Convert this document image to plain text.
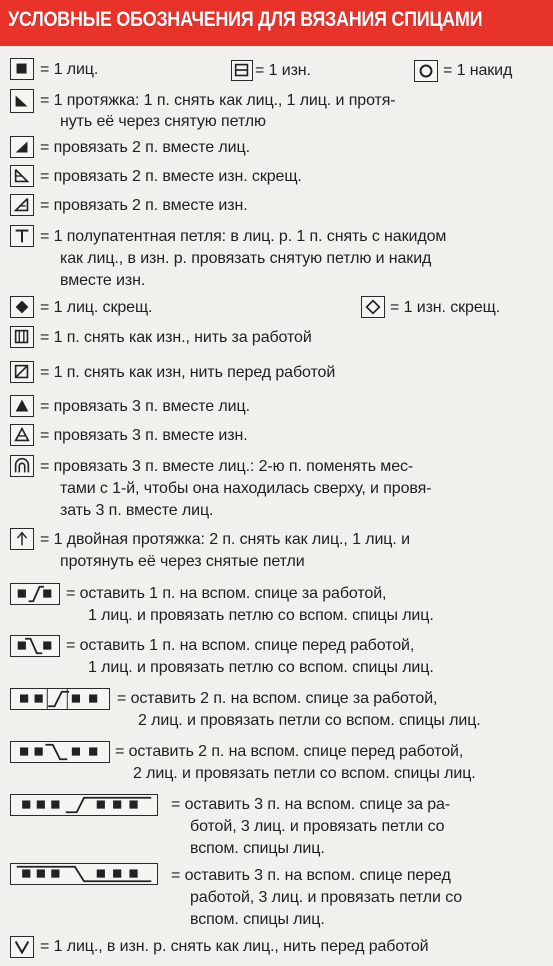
УСЛОВНЫЕ ОБОЗНАЧЕНИЯ ДЛЯ ВЯЗАНИЯ СПИЦАМИ
= 1 лиц.	= 1 изн.	= 1 накид
= 1 протяжка: 1 п. снять как лиц., 1 лиц. и протя-
нуть её через снятую петлю
= провязать 2 п. вместе лиц.
= провязать 2 п. вместе изн. скрещ.
= провязать 2 п. вместе изн.
= 1 полупатентная петля: в лиц. р. 1 п. снять с накидом
как лиц., в изн. р. провязать снятую петлю и накид
вместе изн.
= 1 лиц. скрещ.	= 1 изн. скрещ.
= 1 п. снять как изн., нить за работой
= 1 п. снять как изн, нить перед работой
= провязать 3 п. вместе лиц.
= провязать 3 п. вместе изн.
= провязать 3 п. вместе лиц.: 2-ю п. поменять мес-
тами с 1-й, чтобы она находилась сверху, и провя-
зать 3 п. вместе лиц.
= 1 двойная протяжка: 2 п. снять как лиц., 1 лиц. и
протянуть её через снятые петли
= оставить 1 п. на вспом. спице за работой,
1 лиц. и провязать петлю со вспом. спицы лиц.
= оставить 1 п. на вспом. спице перед работой,
1 лиц. и провязать петлю со вспом. спицы лиц.
= оставить 2 п. на вспом. спице за работой,
2 лиц. и провязать петли со вспом. спицы лиц.
= оставить 2 п. на вспом. спице перед работой,
2 лиц. и провязать петли со вспом. спицы лиц.
= оставить 3 п. на вспом. спице за ра-
ботой, 3 лиц. и провязать петли со
вспом. спицы лиц.
= оставить 3 п. на вспом. спице перед
работой, 3 лиц. и провязать петли со
вспом. спицы лиц.
= 1 лиц., в изн. р. снять как лиц., нить перед работой
